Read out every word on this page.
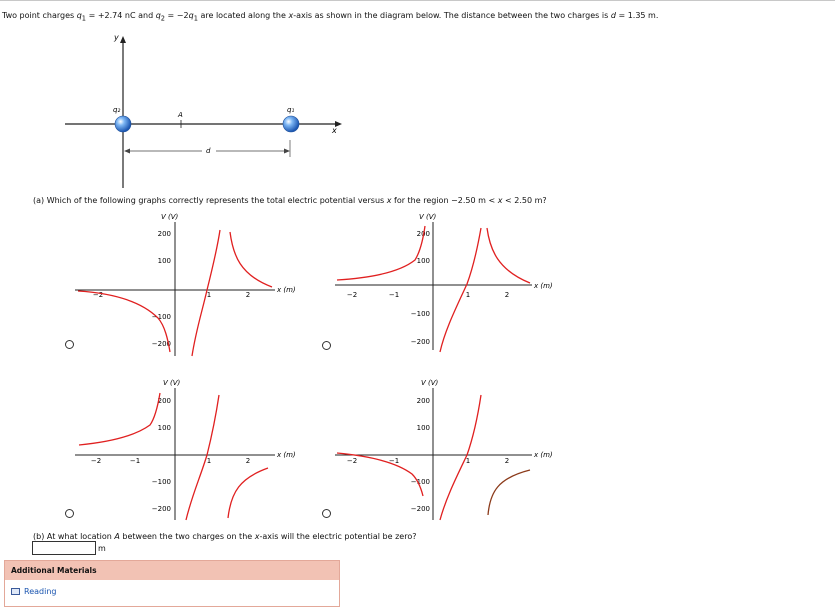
Two point charges $q_1 = +2.74$ nC and $q_2 = -2q_1$ are located along the x-axis as shown in the diagram below. The distance between the two charges is d = 1.35 m.
y
x
q₂	q₁
A
d
(a) Which of the following graphs correctly represents the total electric potential versus x for the region −2.50 m < x < 2.50 m?
V (V)
x (m)
200
100
−100
−200
−2	1	2
V (V)
x (m)
200
100
−100
−200
−2	−1	1	2
V (V)
x (m)
200
100
−100
−200
−2	−1	1	2
V (V)
x (m)
200
100
−100
−200
−2	−1	1	2
(b) At what location A between the two charges on the x-axis will the electric potential be zero?
m
Additional Materials
Reading
